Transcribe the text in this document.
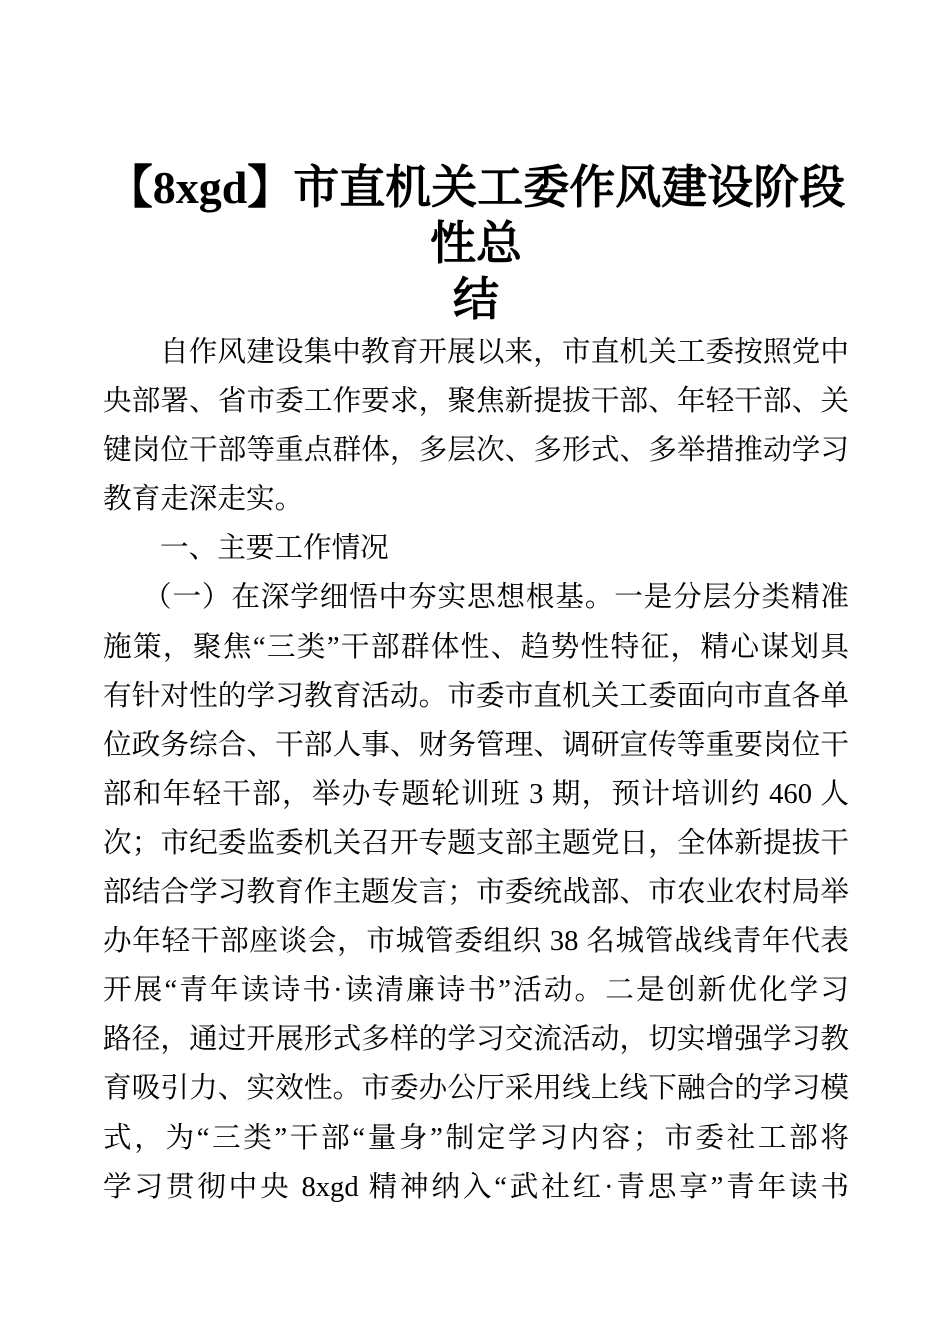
【8xgd】市直机关工委作风建设阶段性总
结
自作风建设集中教育开展以来，市直机关工委按照党中
央部署、省市委工作要求，聚焦新提拔干部、年轻干部、关
键岗位干部等重点群体，多层次、多形式、多举措推动学习
教育走深走实。
一、主要工作情况
（一）在深学细悟中夯实思想根基。一是分层分类精准
施策，聚焦“三类”干部群体性、趋势性特征，精心谋划具
有针对性的学习教育活动。市委市直机关工委面向市直各单
位政务综合、干部人事、财务管理、调研宣传等重要岗位干
部和年轻干部，举办专题轮训班 3 期，预计培训约 460 人
次；市纪委监委机关召开专题支部主题党日，全体新提拔干
部结合学习教育作主题发言；市委统战部、市农业农村局举
办年轻干部座谈会，市城管委组织 38 名城管战线青年代表
开展“青年读诗书·读清廉诗书”活动。二是创新优化学习
路径，通过开展形式多样的学习交流活动，切实增强学习教
育吸引力、实效性。市委办公厅采用线上线下融合的学习模
式，为“三类”干部“量身”制定学习内容；市委社工部将
学习贯彻中央 8xgd 精神纳入“武社红·青思享”青年读书
